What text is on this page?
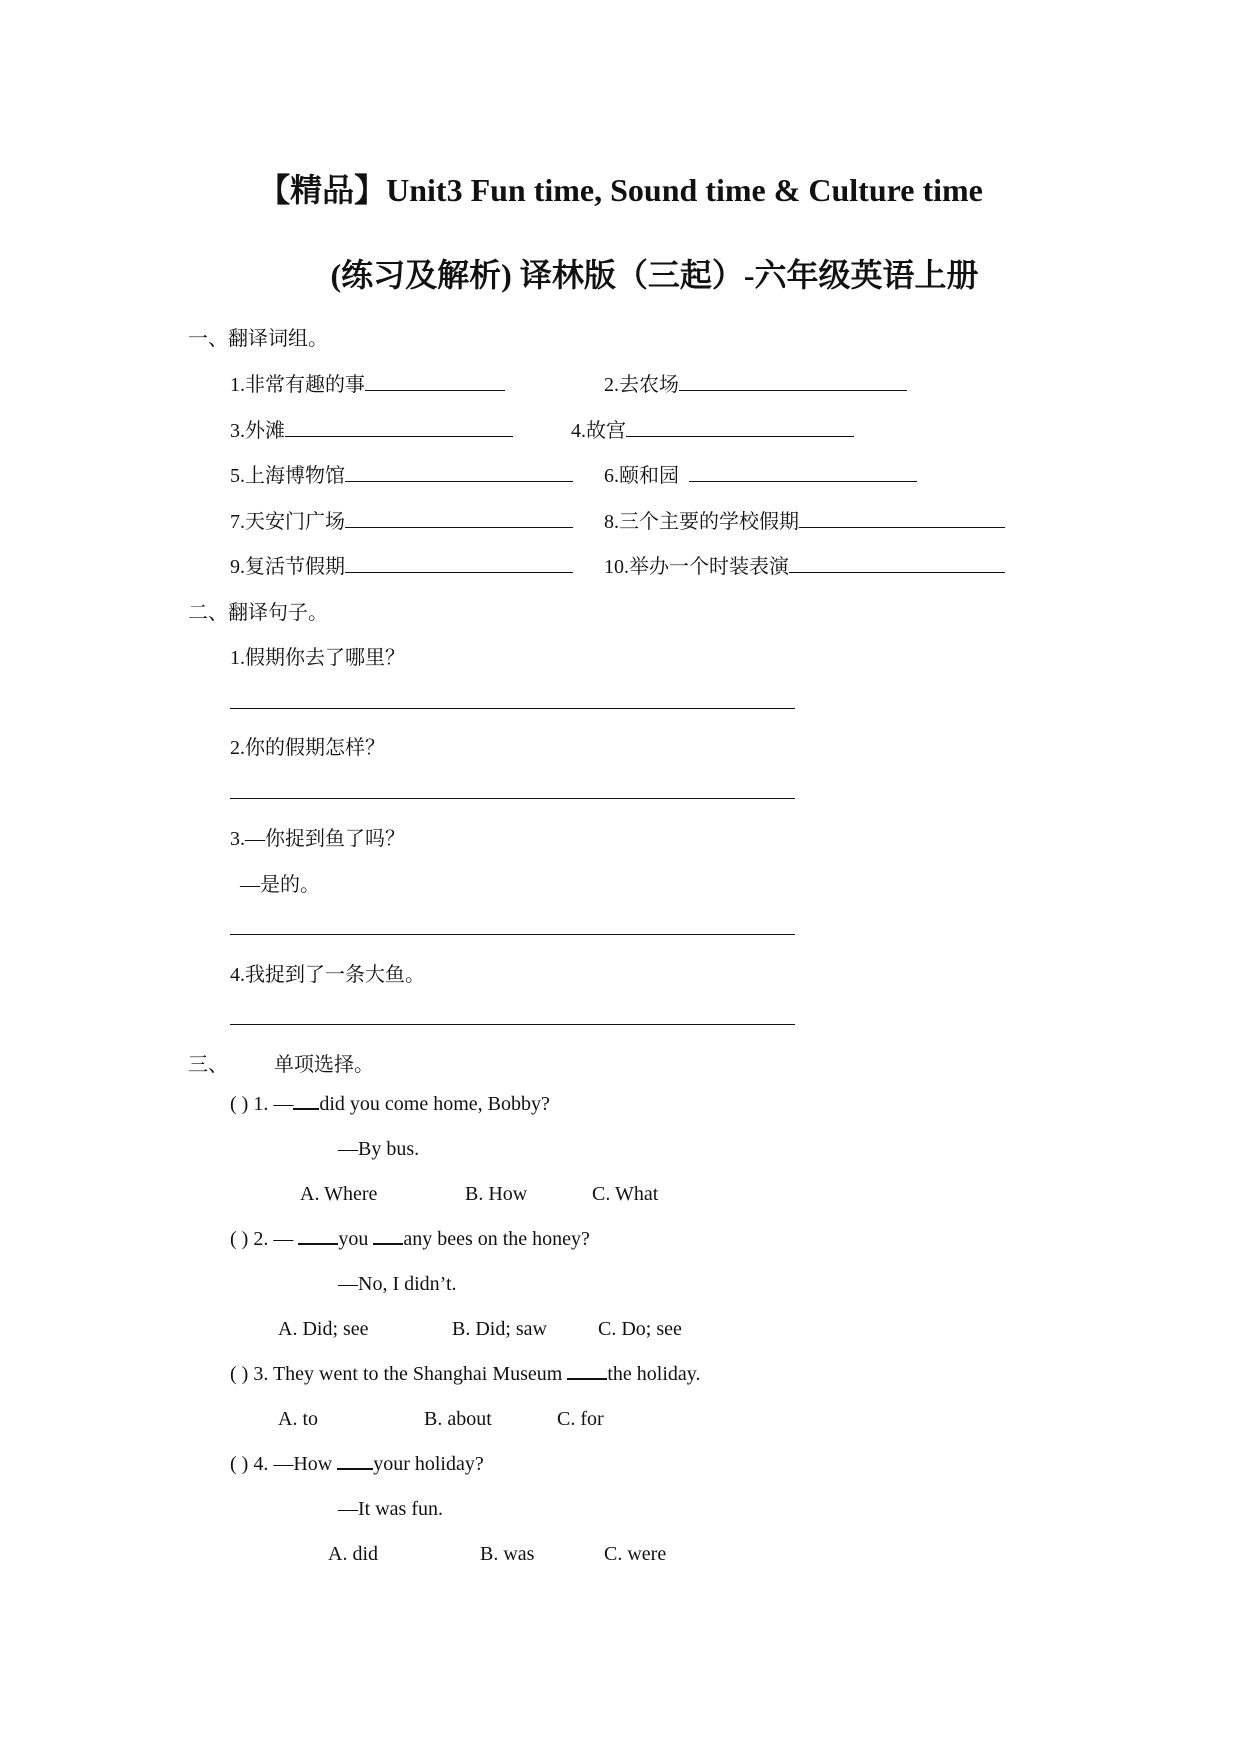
【精品】Unit3 Fun time, Sound time & Culture time
(练习及解析) 译林版（三起）-六年级英语上册
一、翻译词组。
1.非常有趣的事	2.去农场
3.外滩	4.故宫
5.上海博物馆	6.颐和园
7.天安门广场	8.三个主要的学校假期
9.复活节假期	10.举办一个时装表演
二、翻译句子。
1.假期你去了哪里？
2.你的假期怎样？
3.—你捉到鱼了吗？
—是的。
4.我捉到了一条大鱼。
三、 单项选择。
( ) 1. — did you come home, Bobby?
—By bus.
A. Where	B. How	C. What
( ) 2. — you any bees on the honey?
—No, I didn’t.
A. Did; see	B. Did; saw	C. Do; see
( ) 3. They went to the Shanghai Museum the holiday.
A. to	B. about	C. for
( ) 4. —How your holiday?
—It was fun.
A. did	B. was	C. were
